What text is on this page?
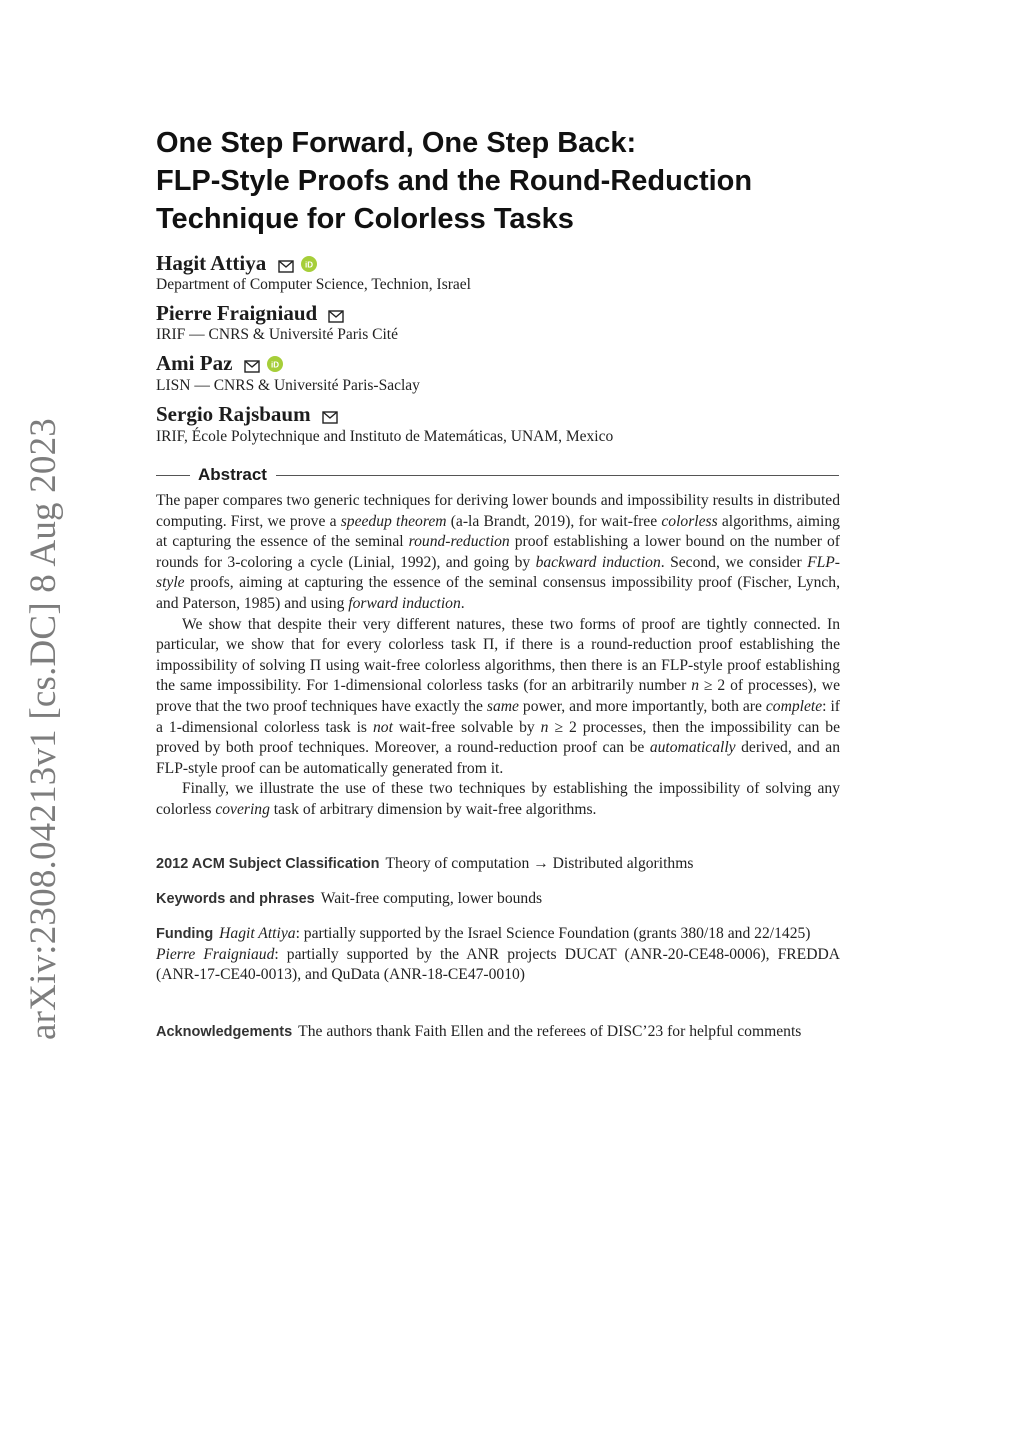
arXiv:2308.04213v1 [cs.DC] 8 Aug 2023
One Step Forward, One Step Back:
FLP-Style Proofs and the Round-Reduction
Technique for Colorless Tasks
Hagit Attiya	iD
Department of Computer Science, Technion, Israel
Pierre Fraigniaud
IRIF — CNRS & Université Paris Cité
Ami Paz	iD
LISN — CNRS & Université Paris-Saclay
Sergio Rajsbaum
IRIF, École Polytechnique and Instituto de Matemáticas, UNAM, Mexico
Abstract

The paper compares two generic techniques for deriving lower bounds and impossibility results in distributed computing. First, we prove a speedup theorem (a-la Brandt, 2019), for wait-free colorless algorithms, aiming at capturing the essence of the seminal round-reduction proof establishing a lower bound on the number of rounds for 3-coloring a cycle (Linial, 1992), and going by backward induction. Second, we consider FLP-style proofs, aiming at capturing the essence of the seminal consensus impossibility proof (Fischer, Lynch, and Paterson, 1985) and using forward induction.

We show that despite their very different natures, these two forms of proof are tightly connected. In particular, we show that for every colorless task Π, if there is a round-reduction proof establishing the impossibility of solving Π using wait-free colorless algorithms, then there is an FLP-style proof establishing the same impossibility. For 1-dimensional colorless tasks (for an arbitrarily number n ≥ 2 of processes), we prove that the two proof techniques have exactly the same power, and more importantly, both are complete: if a 1-dimensional colorless task is not wait-free solvable by n ≥ 2 processes, then the impossibility can be proved by both proof techniques. Moreover, a round-reduction proof can be automatically derived, and an FLP-style proof can be automatically generated from it.

Finally, we illustrate the use of these two techniques by establishing the impossibility of solving any colorless covering task of arbitrary dimension by wait-free algorithms.

2012 ACM Subject Classification Theory of computation → Distributed algorithms
Keywords and phrases Wait-free computing, lower bounds
Funding Hagit Attiya: partially supported by the Israel Science Foundation (grants 380/18 and 22/1425)
Pierre Fraigniaud: partially supported by the ANR projects DUCAT (ANR-20-CE48-0006), FREDDA (ANR-17-CE40-0013), and QuData (ANR-18-CE47-0010)
Acknowledgements The authors thank Faith Ellen and the referees of DISC’23 for helpful comments
